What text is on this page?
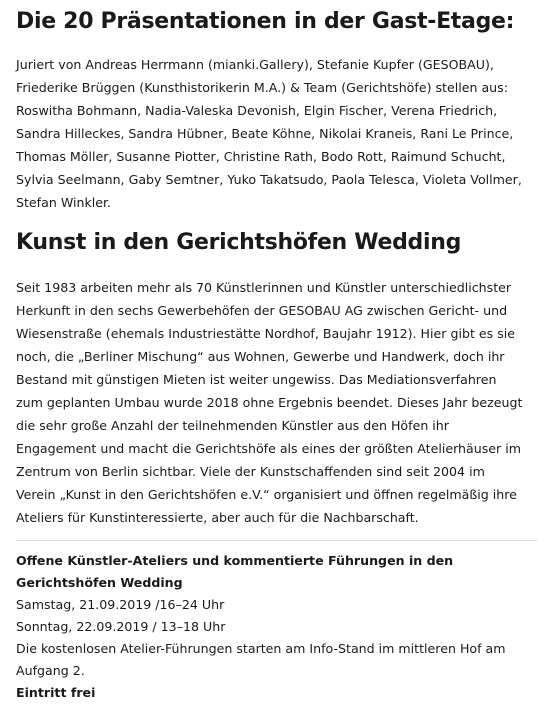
Die 20 Präsentationen in der Gast-Etage:

Juriert von Andreas Herrmann (mianki.Gallery), Stefanie Kupfer (GESOBAU),
Friederike Brüggen (Kunsthistorikerin M.A.) & Team (Gerichtshöfe) stellen aus:
Roswitha Bohmann, Nadia-Valeska Devonish, Elgin Fischer, Verena Friedrich,
Sandra Hilleckes, Sandra Hübner, Beate Köhne, Nikolai Kraneis, Rani Le Prince,
Thomas Möller, Susanne Piotter, Christine Rath, Bodo Rott, Raimund Schucht,
Sylvia Seelmann, Gaby Semtner, Yuko Takatsudo, Paola Telesca, Violeta Vollmer,
Stefan Winkler.

Kunst in den Gerichtshöfen Wedding

Seit 1983 arbeiten mehr als 70 Künstlerinnen und Künstler unterschiedlichster
Herkunft in den sechs Gewerbehöfen der GESOBAU AG zwischen Gericht- und
Wiesenstraße (ehemals Industriestätte Nordhof, Baujahr 1912). Hier gibt es sie
noch, die „Berliner Mischung“ aus Wohnen, Gewerbe und Handwerk, doch ihr
Bestand mit günstigen Mieten ist weiter ungewiss. Das Mediationsverfahren
zum geplanten Umbau wurde 2018 ohne Ergebnis beendet. Dieses Jahr bezeugt
die sehr große Anzahl der teilnehmenden Künstler aus den Höfen ihr
Engagement und macht die Gerichtshöfe als eines der größten Atelierhäuser im
Zentrum von Berlin sichtbar. Viele der Kunstschaffenden sind seit 2004 im
Verein „Kunst in den Gerichtshöfen e.V.“ organisiert und öffnen regelmäßig ihre
Ateliers für Kunstinteressierte, aber auch für die Nachbarschaft.

Offene Künstler-Ateliers und kommentierte Führungen in den
Gerichtshöfen Wedding
Samstag, 21.09.2019 /16–24 Uhr
Sonntag, 22.09.2019 / 13–18 Uhr
Die kostenlosen Atelier-Führungen starten am Info-Stand im mittleren Hof am
Aufgang 2.
Eintritt frei
